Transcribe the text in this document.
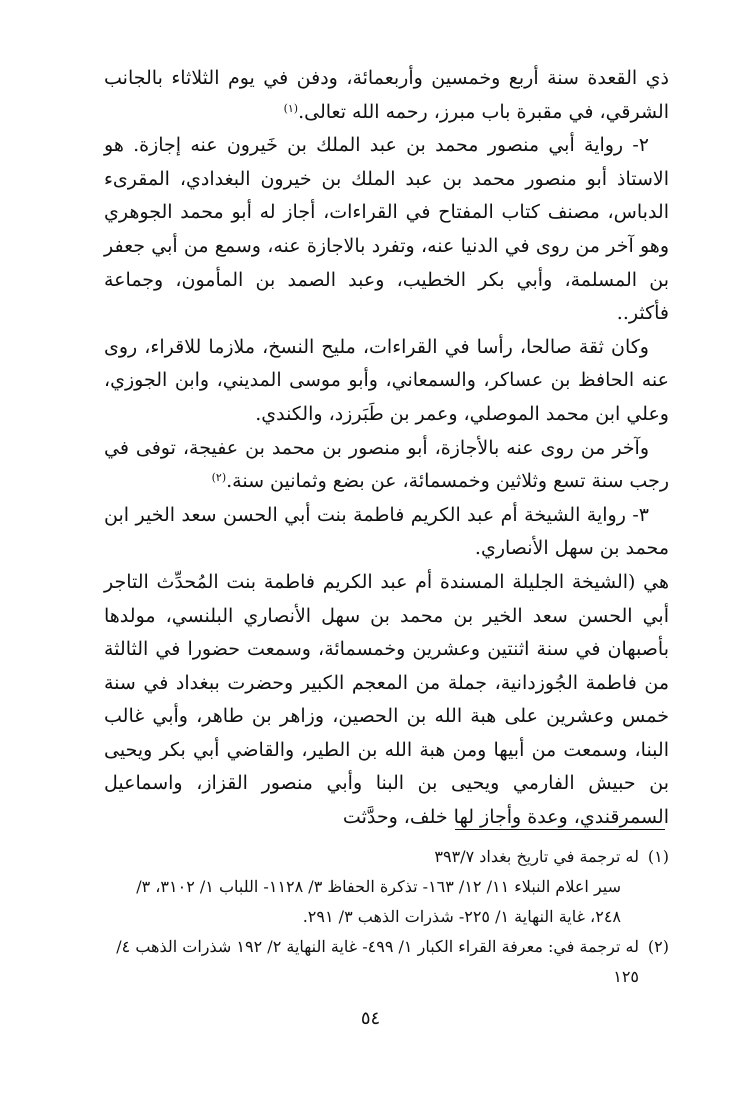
ذي القعدة سنة أربع وخمسين وأربعمائة، ودفن في يوم الثلاثاء بالجانب الشرقي، في مقبرة باب مبرز، رحمه الله تعالى.$^{(١)}$

٢- رواية أبي منصور محمد بن عبد الملك بن خَيرون عنه إجازة. هو الاستاذ أبو منصور محمد بن عبد الملك بن خيرون البغدادي، المقرىء الدباس، مصنف كتاب المفتاح في القراءات، أجاز له أبو محمد الجوهري وهو آخر من روى في الدنيا عنه، وتفرد بالاجازة عنه، وسمع من أبي جعفر بن المسلمة، وأبي بكر الخطيب، وعبد الصمد بن المأمون، وجماعة فأكثر..

وكان ثقة صالحا، رأسا في القراءات، مليح النسخ، ملازما للاقراء، روى عنه الحافظ بن عساكر، والسمعاني، وأبو موسى المديني، وابن الجوزي، وعلي ابن محمد الموصلي، وعمر بن طَبَرزد، والكندي.

وآخر من روى عنه بالأجازة، أبو منصور بن محمد بن عفيجة، توفى في رجب سنة تسع وثلاثين وخمسمائة، عن بضع وثمانين سنة.$^{(٢)}$

٣- رواية الشيخة أم عبد الكريم فاطمة بنت أبي الحسن سعد الخير ابن محمد بن سهل الأنصاري.

هي (الشيخة الجليلة المسندة أم عبد الكريم فاطمة بنت المُحدِّث التاجر أبي الحسن سعد الخير بن محمد بن سهل الأنصاري البلنسي، مولدها بأصبهان في سنة اثنتين وعشرين وخمسمائة، وسمعت حضورا في الثالثة من فاطمة الجُوزدانية، جملة من المعجم الكبير وحضرت ببغداد في سنة خمس وعشرين على هبة الله بن الحصين، وزاهر بن طاهر، وأبي غالب البنا، وسمعت من أبيها ومن هبة الله بن الطير، والقاضي أبي بكر ويحيى بن حبيش الفارمي ويحيى بن البنا وأبي منصور القزاز، واسماعيل السمرقندي، وعدة وأجاز لها خلف، وحدَّثت

(١)

له ترجمة في تاريخ بغداد ٣٩٣/٧

سير اعلام النبلاء ١١/ ١٢/ ١٦٣- تذكرة الحفاظ ٣/ ١١٢٨- اللباب ١/ ٣١٠٢، ٣/ ٢٤٨، غاية النهاية ١/ ٢٢٥- شذرات الذهب ٣/ ٢٩١.

(٢)

له ترجمة في: معرفة القراء الكبار ١/ ٤٩٩- غاية النهاية ٢/ ١٩٢ شذرات الذهب ٤/ ١٢٥

٥٤
